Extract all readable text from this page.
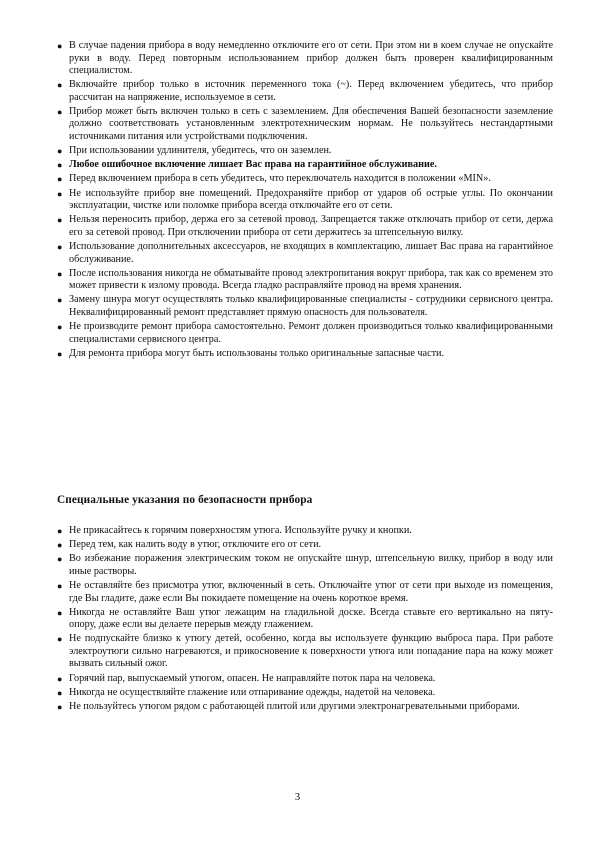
● В случае падения прибора в воду немедленно отключите его от сети. При этом ни в коем случае не опускайте руки в воду. Перед повторным использованием прибор должен быть проверен квалифицированным специалистом.
● Включайте прибор только в источник переменного тока (~). Перед включением убедитесь, что прибор рассчитан на напряжение, используемое в сети.
● Прибор может быть включен только в сеть с заземлением. Для обеспечения Вашей безопасности заземление должно соответствовать установленным электротехническим нормам. Не пользуйтесь нестандартными источниками питания или устройствами подключения.
● При использовании удлинителя, убедитесь, что он заземлен.
● Любое ошибочное включение лишает Вас права на гарантийное обслуживание.
● Перед включением прибора в сеть убедитесь, что переключатель находится в положении «MIN».
● Не используйте прибор вне помещений. Предохраняйте прибор от ударов об острые углы. По окончании эксплуатации, чистке или поломке прибора всегда отключайте его от сети.
● Нельзя переносить прибор, держа его за сетевой провод. Запрещается также отключать прибор от сети, держа его за сетевой провод. При отключении прибора от сети держитесь за штепсельную вилку.
● Использование дополнительных аксессуаров, не входящих в комплектацию, лишает Вас права на гарантийное обслуживание.
● После использования никогда не обматывайте провод электропитания вокруг прибора, так как со временем это может привести к излому провода. Всегда гладко расправляйте провод на время хранения.
● Замену шнура могут осуществлять только квалифицированные специалисты - сотрудники сервисного центра. Неквалифицированный ремонт представляет прямую опасность для пользователя.
● Не производите ремонт прибора самостоятельно. Ремонт должен производиться только квалифицированными специалистами сервисного центра.
● Для ремонта прибора могут быть использованы только оригинальные запасные части.
Специальные указания по безопасности прибора
● Не прикасайтесь к горячим поверхностям утюга. Используйте ручку и кнопки.
● Перед тем, как налить воду в утюг, отключите его от сети.
● Во избежание поражения электрическим током не опускайте шнур, штепсельную вилку, прибор в воду или иные растворы.
● Не оставляйте без присмотра утюг, включенный в сеть. Отключайте утюг от сети при выходе из помещения, где Вы гладите, даже если Вы покидаете помещение на очень короткое время.
● Никогда не оставляйте Ваш утюг лежащим на гладильной доске. Всегда ставьте его вертикально на пяту-опору, даже если вы делаете перерыв между глажением.
● Не подпускайте близко к утюгу детей, особенно, когда вы используете функцию выброса пара. При работе электроутюги сильно нагреваются, и прикосновение к поверхности утюга или попадание пара на кожу может вызвать сильный ожог.
● Горячий пар, выпускаемый утюгом, опасен. Не направляйте поток пара на человека.
● Никогда не осуществляйте глажение или отпаривание одежды, надетой на человека.
● Не пользуйтесь утюгом рядом с работающей плитой или другими электронагревательными приборами.
3
